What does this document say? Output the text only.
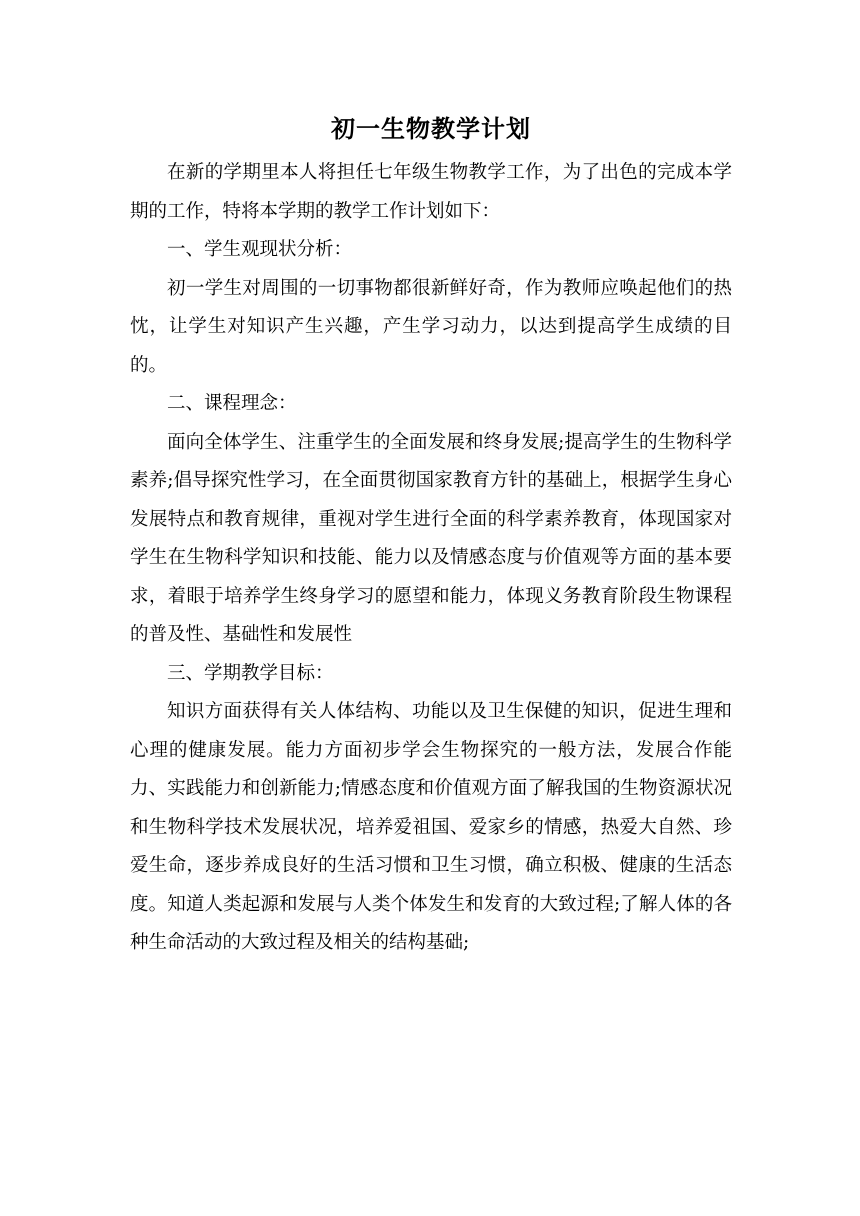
初一生物教学计划

在新的学期里本人将担任七年级生物教学工作，为了出色的完成本学期的工作，特将本学期的教学工作计划如下：

一、学生观现状分析：

初一学生对周围的一切事物都很新鲜好奇，作为教师应唤起他们的热忱，让学生对知识产生兴趣，产生学习动力，以达到提高学生成绩的目的。

二、课程理念：

面向全体学生、注重学生的全面发展和终身发展;提高学生的生物科学素养;倡导探究性学习，在全面贯彻国家教育方针的基础上，根据学生身心发展特点和教育规律，重视对学生进行全面的科学素养教育，体现国家对学生在生物科学知识和技能、能力以及情感态度与价值观等方面的基本要求，着眼于培养学生终身学习的愿望和能力，体现义务教育阶段生物课程的普及性、基础性和发展性

三、学期教学目标：

知识方面获得有关人体结构、功能以及卫生保健的知识，促进生理和心理的健康发展。能力方面初步学会生物探究的一般方法，发展合作能力、实践能力和创新能力;情感态度和价值观方面了解我国的生物资源状况和生物科学技术发展状况，培养爱祖国、爱家乡的情感，热爱大自然、珍爱生命，逐步养成良好的生活习惯和卫生习惯，确立积极、健康的生活态度。知道人类起源和发展与人类个体发生和发育的大致过程;了解人体的各种生命活动的大致过程及相关的结构基础;
